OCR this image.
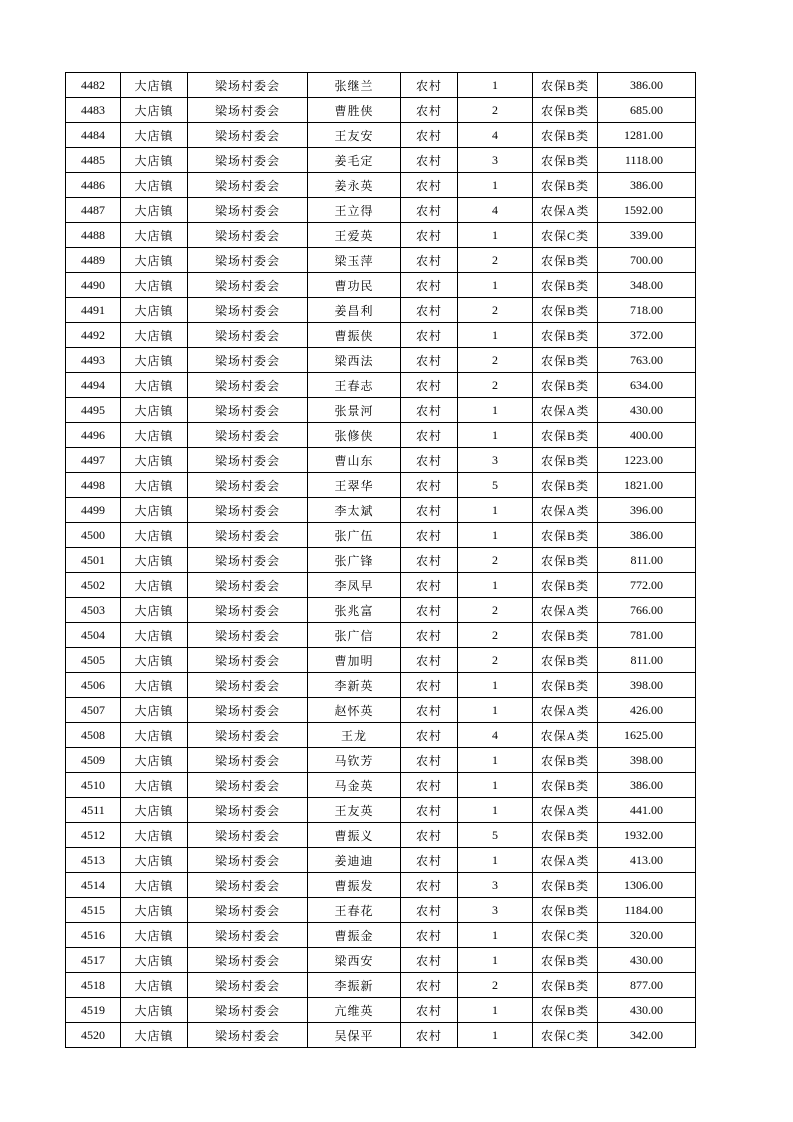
4482	大店镇	梁场村委会	张继兰	农村	1	农保B类	386.00
4483	大店镇	梁场村委会	曹胜侠	农村	2	农保B类	685.00
4484	大店镇	梁场村委会	王友安	农村	4	农保B类	1281.00
4485	大店镇	梁场村委会	姜毛定	农村	3	农保B类	1118.00
4486	大店镇	梁场村委会	姜永英	农村	1	农保B类	386.00
4487	大店镇	梁场村委会	王立得	农村	4	农保A类	1592.00
4488	大店镇	梁场村委会	王爱英	农村	1	农保C类	339.00
4489	大店镇	梁场村委会	梁玉萍	农村	2	农保B类	700.00
4490	大店镇	梁场村委会	曹功民	农村	1	农保B类	348.00
4491	大店镇	梁场村委会	姜昌利	农村	2	农保B类	718.00
4492	大店镇	梁场村委会	曹振侠	农村	1	农保B类	372.00
4493	大店镇	梁场村委会	梁西法	农村	2	农保B类	763.00
4494	大店镇	梁场村委会	王春志	农村	2	农保B类	634.00
4495	大店镇	梁场村委会	张景河	农村	1	农保A类	430.00
4496	大店镇	梁场村委会	张修侠	农村	1	农保B类	400.00
4497	大店镇	梁场村委会	曹山东	农村	3	农保B类	1223.00
4498	大店镇	梁场村委会	王翠华	农村	5	农保B类	1821.00
4499	大店镇	梁场村委会	李太斌	农村	1	农保A类	396.00
4500	大店镇	梁场村委会	张广伍	农村	1	农保B类	386.00
4501	大店镇	梁场村委会	张广锋	农村	2	农保B类	811.00
4502	大店镇	梁场村委会	李凤早	农村	1	农保B类	772.00
4503	大店镇	梁场村委会	张兆富	农村	2	农保A类	766.00
4504	大店镇	梁场村委会	张广信	农村	2	农保B类	781.00
4505	大店镇	梁场村委会	曹加明	农村	2	农保B类	811.00
4506	大店镇	梁场村委会	李新英	农村	1	农保B类	398.00
4507	大店镇	梁场村委会	赵怀英	农村	1	农保A类	426.00
4508	大店镇	梁场村委会	王龙	农村	4	农保A类	1625.00
4509	大店镇	梁场村委会	马钦芳	农村	1	农保B类	398.00
4510	大店镇	梁场村委会	马金英	农村	1	农保B类	386.00
4511	大店镇	梁场村委会	王友英	农村	1	农保A类	441.00
4512	大店镇	梁场村委会	曹振义	农村	5	农保B类	1932.00
4513	大店镇	梁场村委会	姜迪迪	农村	1	农保A类	413.00
4514	大店镇	梁场村委会	曹振发	农村	3	农保B类	1306.00
4515	大店镇	梁场村委会	王春花	农村	3	农保B类	1184.00
4516	大店镇	梁场村委会	曹振金	农村	1	农保C类	320.00
4517	大店镇	梁场村委会	梁西安	农村	1	农保B类	430.00
4518	大店镇	梁场村委会	李振新	农村	2	农保B类	877.00
4519	大店镇	梁场村委会	亢维英	农村	1	农保B类	430.00
4520	大店镇	梁场村委会	吴保平	农村	1	农保C类	342.00
